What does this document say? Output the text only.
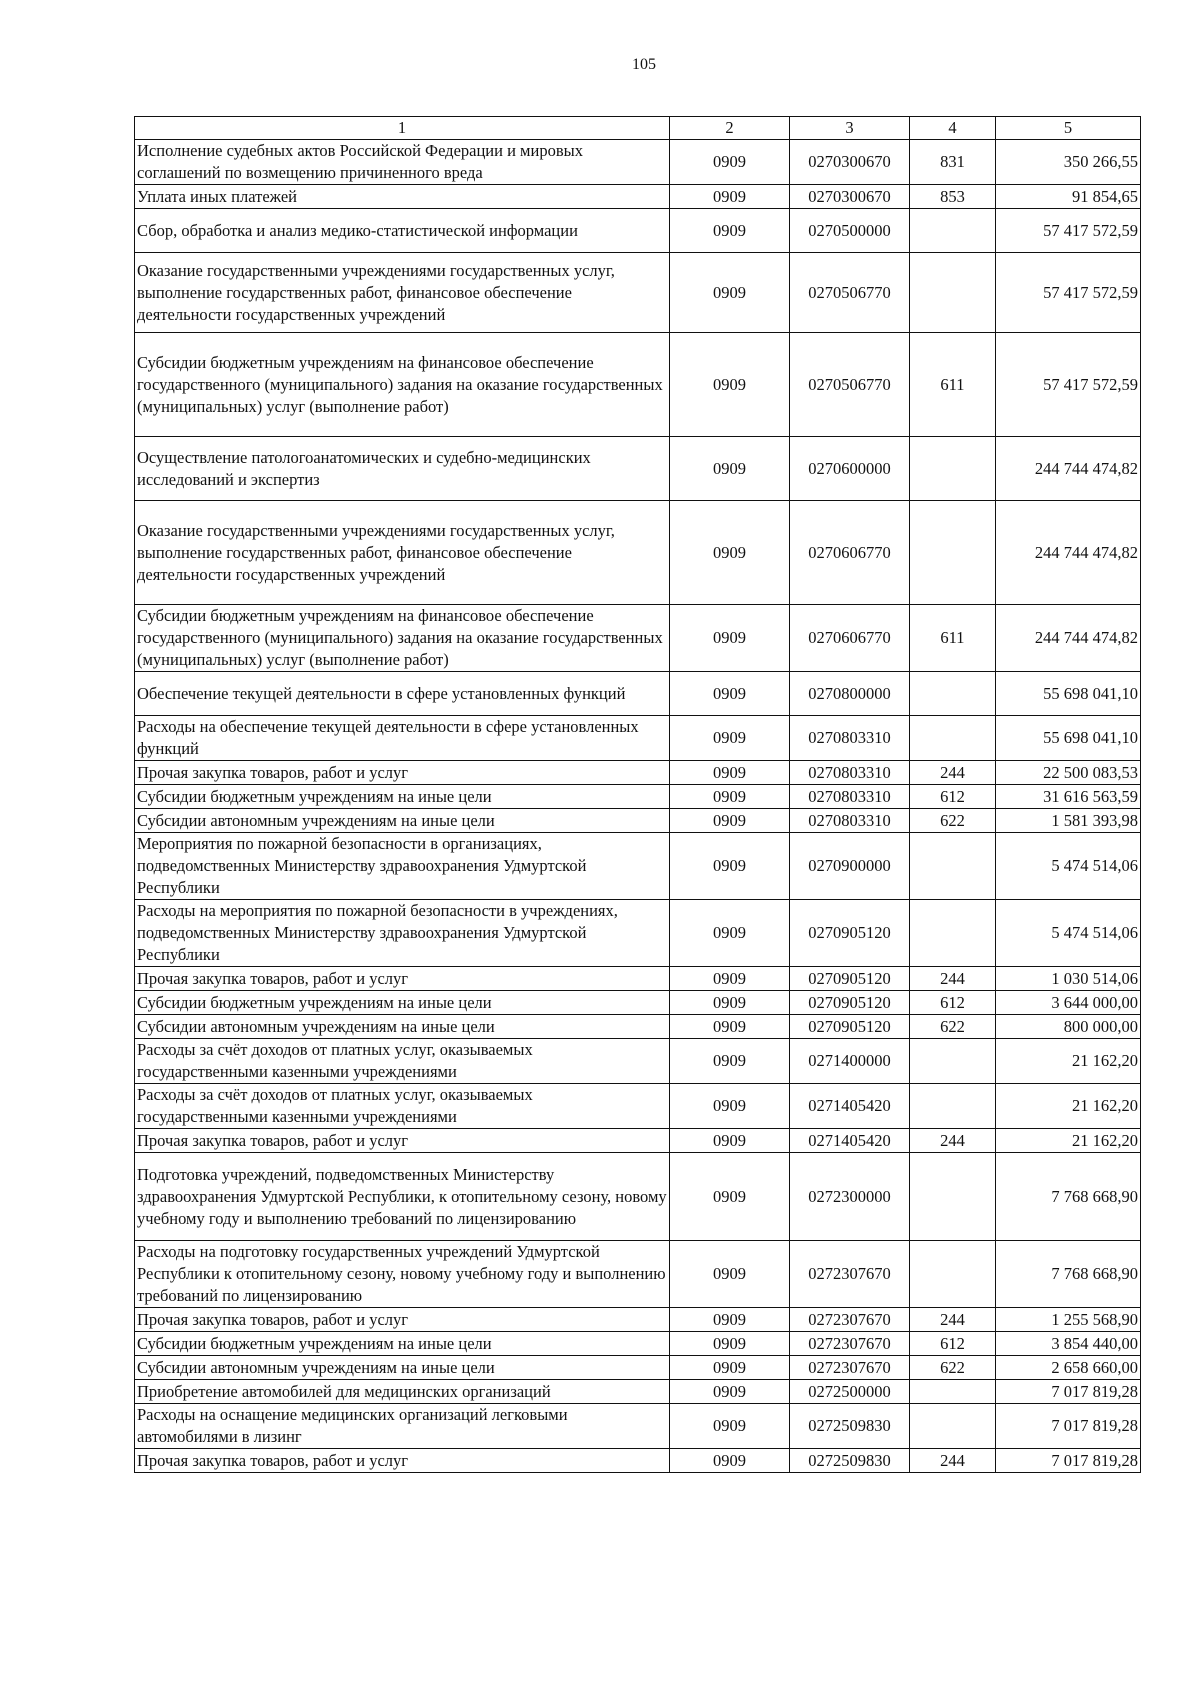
105
1	2	3	4	5
Исполнение судебных актов Российской Федерации и мировых соглашений по возмещению причиненного вреда	0909	0270300670	831	350 266,55
Уплата иных платежей	0909	0270300670	853	91 854,65
Сбор, обработка и анализ медико-статистической информации	0909	0270500000		57 417 572,59
Оказание государственными учреждениями государственных услуг, выполнение государственных работ, финансовое обеспечение деятельности государственных учреждений	0909	0270506770		57 417 572,59
Субсидии бюджетным учреждениям на финансовое обеспечение государственного (муниципального) задания на оказание государственных (муниципальных) услуг (выполнение работ)	0909	0270506770	611	57 417 572,59
Осуществление патологоанатомических и судебно-медицинских исследований и экспертиз	0909	0270600000		244 744 474,82
Оказание государственными учреждениями государственных услуг, выполнение государственных работ, финансовое обеспечение деятельности государственных учреждений	0909	0270606770		244 744 474,82
Субсидии бюджетным учреждениям на финансовое обеспечение государственного (муниципального) задания на оказание государственных (муниципальных) услуг (выполнение работ)	0909	0270606770	611	244 744 474,82
Обеспечение текущей деятельности в сфере установленных функций	0909	0270800000		55 698 041,10
Расходы на обеспечение текущей деятельности в сфере установленных функций	0909	0270803310		55 698 041,10
Прочая закупка товаров, работ и услуг	0909	0270803310	244	22 500 083,53
Субсидии бюджетным учреждениям на иные цели	0909	0270803310	612	31 616 563,59
Субсидии автономным учреждениям на иные цели	0909	0270803310	622	1 581 393,98
Мероприятия по пожарной безопасности в организациях, подведомственных Министерству здравоохранения Удмуртской Республики	0909	0270900000		5 474 514,06
Расходы на мероприятия по пожарной безопасности в учреждениях, подведомственных Министерству здравоохранения Удмуртской Республики	0909	0270905120		5 474 514,06
Прочая закупка товаров, работ и услуг	0909	0270905120	244	1 030 514,06
Субсидии бюджетным учреждениям на иные цели	0909	0270905120	612	3 644 000,00
Субсидии автономным учреждениям на иные цели	0909	0270905120	622	800 000,00
Расходы за счёт доходов от платных услуг, оказываемых государственными казенными учреждениями	0909	0271400000		21 162,20
Расходы за счёт доходов от платных услуг, оказываемых государственными казенными учреждениями	0909	0271405420		21 162,20
Прочая закупка товаров, работ и услуг	0909	0271405420	244	21 162,20
Подготовка учреждений, подведомственных Министерству здравоохранения Удмуртской Республики, к отопительному сезону, новому учебному году и выполнению требований по лицензированию	0909	0272300000		7 768 668,90
Расходы на подготовку государственных учреждений Удмуртской Республики к отопительному сезону, новому учебному году и выполнению требований по лицензированию	0909	0272307670		7 768 668,90
Прочая закупка товаров, работ и услуг	0909	0272307670	244	1 255 568,90
Субсидии бюджетным учреждениям на иные цели	0909	0272307670	612	3 854 440,00
Субсидии автономным учреждениям на иные цели	0909	0272307670	622	2 658 660,00
Приобретение автомобилей для медицинских организаций	0909	0272500000		7 017 819,28
Расходы на оснащение медицинских организаций легковыми автомобилями в лизинг	0909	0272509830		7 017 819,28
Прочая закупка товаров, работ и услуг	0909	0272509830	244	7 017 819,28
